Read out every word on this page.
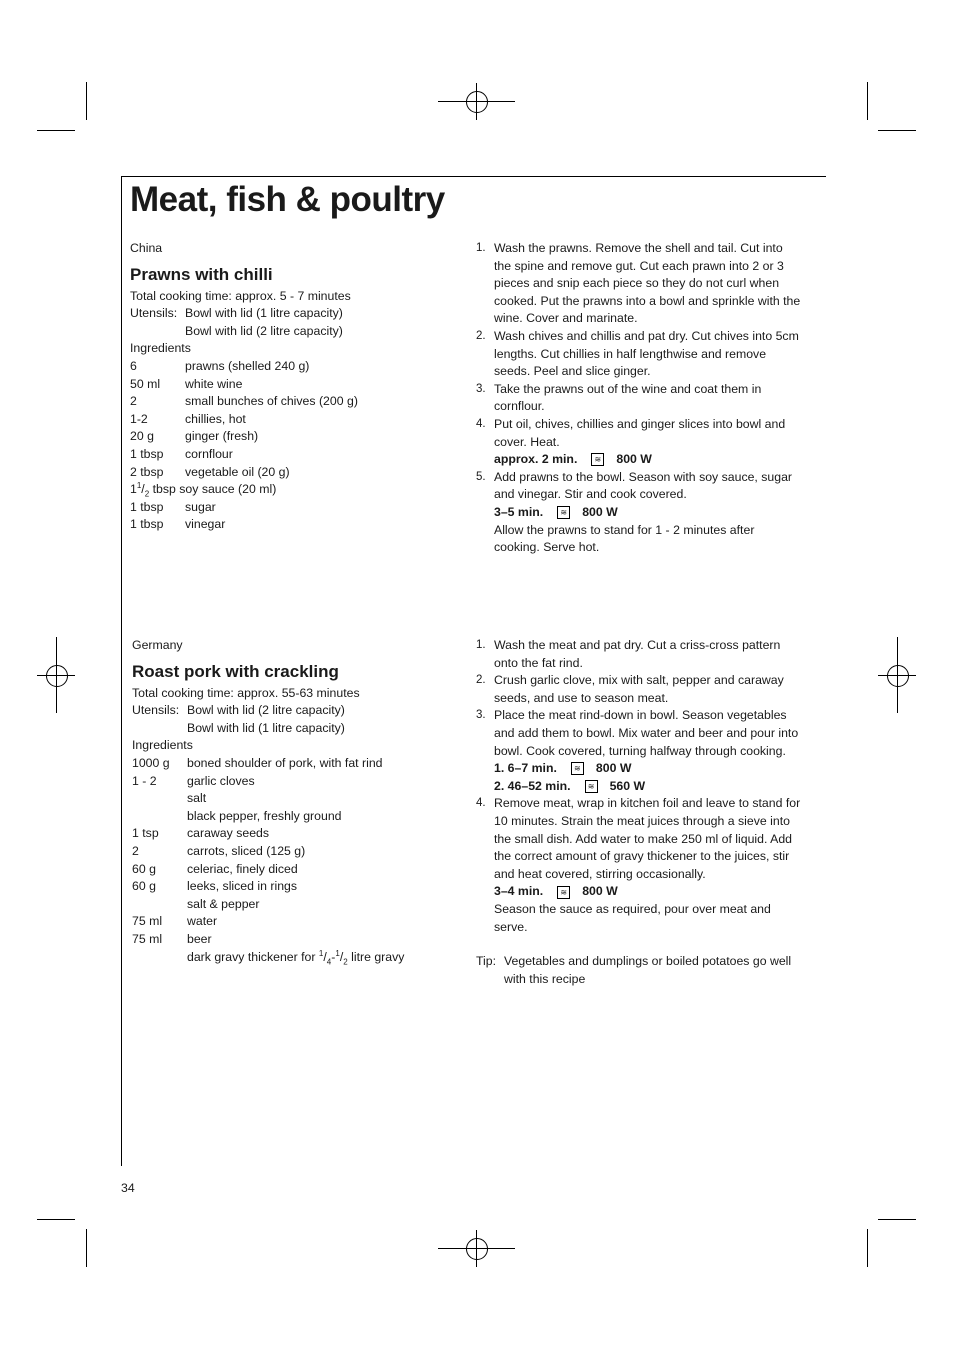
Meat, fish & poultry

China

Prawns with chilli
Total cooking time: approx. 5 - 7 minutes
Utensils: Bowl with lid (1 litre capacity)
Bowl with lid (2 litre capacity)
Ingredients
6	prawns (shelled 240 g)
50 ml	white wine
2	small bunches of chives (200 g)
1-2	chillies, hot
20 g	ginger (fresh)
1 tbsp	cornflour
2 tbsp	vegetable oil (20 g)
$1^1/_2$ tbsp soy sauce (20 ml)
1 tbsp	sugar
1 tbsp	vinegar
1. Wash the prawns. Remove the shell and tail. Cut into the spine and remove gut. Cut each prawn into 2 or 3 pieces and snip each piece so they do not curl when cooked. Put the prawns into a bowl and sprinkle with the wine. Cover and marinate.
2. Wash chives and chillis and pat dry. Cut chives into 5cm lengths. Cut chillies in half lengthwise and remove seeds. Peel and slice ginger.
3. Take the prawns out of the wine and coat them in cornflour.
4. Put oil, chives, chillies and ginger slices into bowl and cover. Heat.
approx. 2 min.	≋ 800 W
5. Add prawns to the bowl. Season with soy sauce, sugar and vinegar. Stir and cook covered.
3–5 min.	≋ 800 W
Allow the prawns to stand for 1 - 2 minutes after cooking. Serve hot.

Germany

Roast pork with crackling
Total cooking time: approx. 55-63 minutes
Utensils: Bowl with lid (2 litre capacity)
Bowl with lid (1 litre capacity)
Ingredients
1000 g	boned shoulder of pork, with fat rind
1 - 2	garlic cloves
salt
black pepper, freshly ground
1 tsp	caraway seeds
2	carrots, sliced (125 g)
60 g	celeriac, finely diced
60 g	leeks, sliced in rings
salt & pepper
75 ml	water
75 ml	beer
dark gravy thickener for $^1/_4-^1/_2$ litre gravy
1. Wash the meat and pat dry. Cut a criss-cross pattern onto the fat rind.
2. Crush garlic clove, mix with salt, pepper and caraway seeds, and use to season meat.
3. Place the meat rind-down in bowl. Season vegetables and add them to bowl. Mix water and beer and pour into bowl. Cook covered, turning halfway through cooking.
1. 6–7 min.	≋ 800 W
2. 46–52 min.	≋ 560 W
4. Remove meat, wrap in kitchen foil and leave to stand for 10 minutes. Strain the meat juices through a sieve into the small dish. Add water to make 250 ml of liquid. Add the correct amount of gravy thickener to the juices, stir and heat covered, stirring occasionally.
3–4 min.	≋ 800 W
Season the sauce as required, pour over meat and serve.
Tip: Vegetables and dumplings or boiled potatoes go well with this recipe
34
